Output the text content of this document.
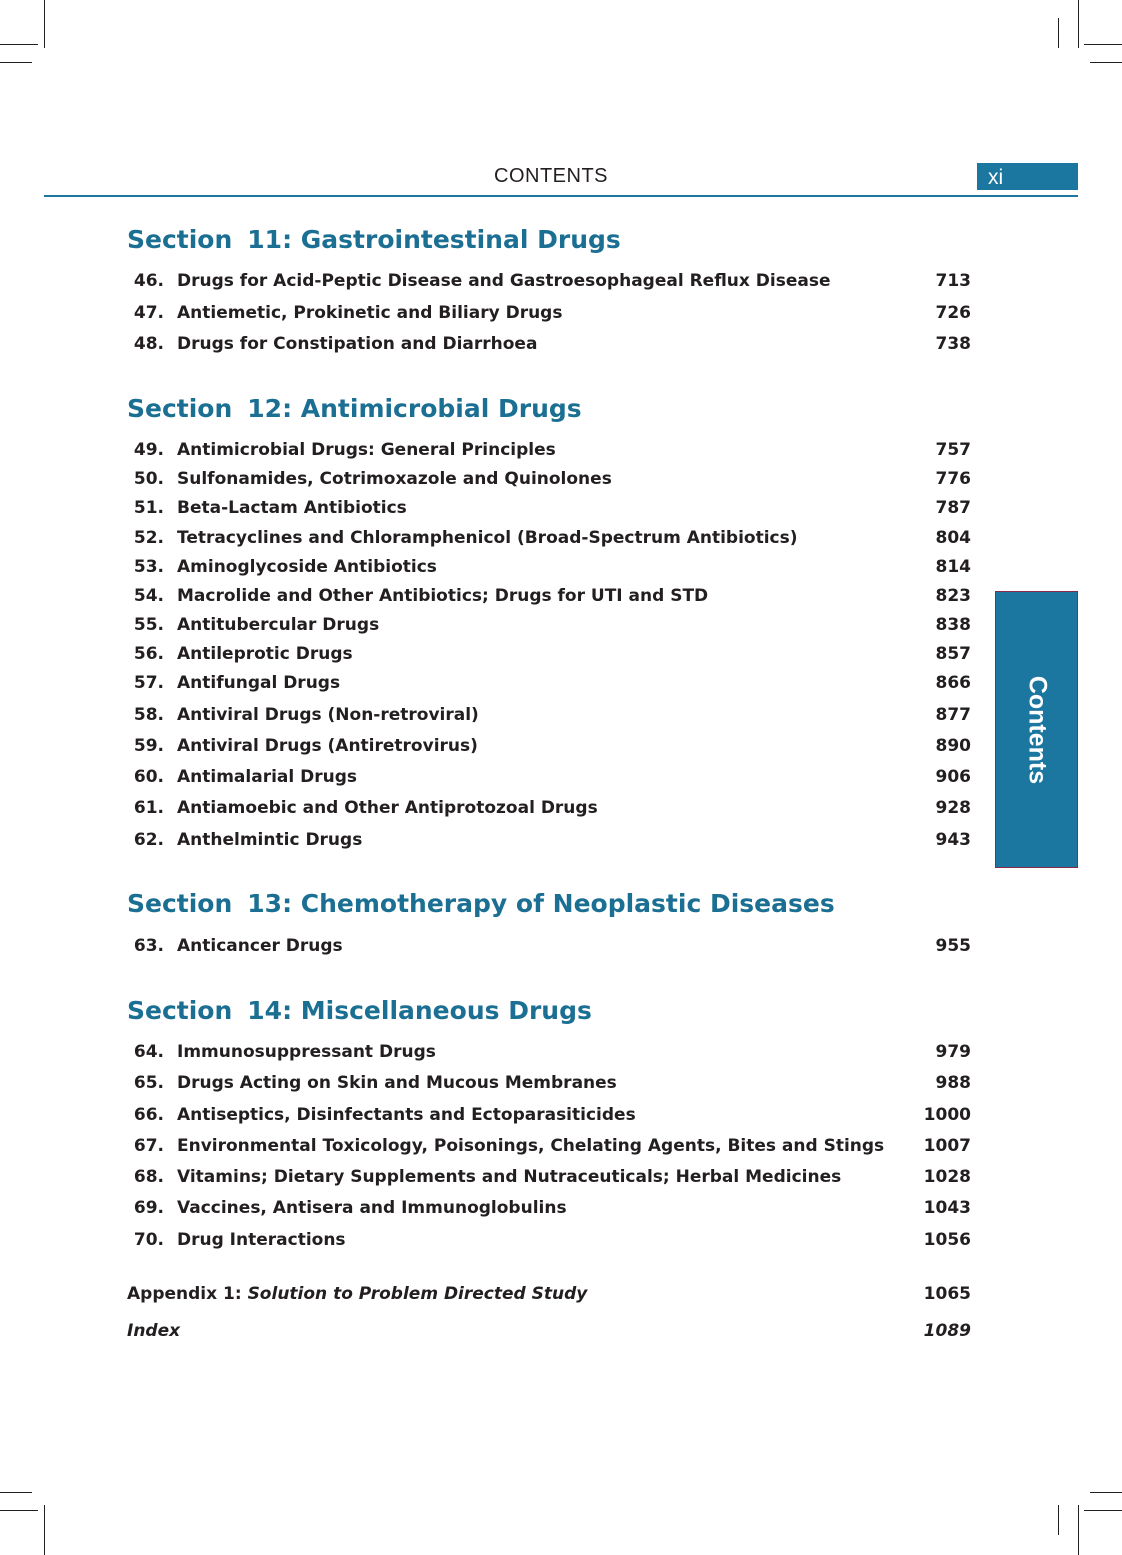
CONTENTS	xi
Contents
Section 11: Gastrointestinal Drugs
46. Drugs for Acid-Peptic Disease and Gastroesophageal Reflux Disease	713
47. Antiemetic, Prokinetic and Biliary Drugs	726
48. Drugs for Constipation and Diarrhoea	738
Section 12: Antimicrobial Drugs
49. Antimicrobial Drugs: General Principles	757
50. Sulfonamides, Cotrimoxazole and Quinolones	776
51. Beta-Lactam Antibiotics	787
52. Tetracyclines and Chloramphenicol (Broad-Spectrum Antibiotics)	804
53. Aminoglycoside Antibiotics	814
54. Macrolide and Other Antibiotics; Drugs for UTI and STD	823
55. Antitubercular Drugs	838
56. Antileprotic Drugs	857
57. Antifungal Drugs	866
58. Antiviral Drugs (Non-retroviral)	877
59. Antiviral Drugs (Antiretrovirus)	890
60. Antimalarial Drugs	906
61. Antiamoebic and Other Antiprotozoal Drugs	928
62. Anthelmintic Drugs	943
Section 13: Chemotherapy of Neoplastic Diseases
63. Anticancer Drugs	955
Section 14: Miscellaneous Drugs
64. Immunosuppressant Drugs	979
65. Drugs Acting on Skin and Mucous Membranes	988
66. Antiseptics, Disinfectants and Ectoparasiticides	1000
67. Environmental Toxicology, Poisonings, Chelating Agents, Bites and Stings 1007
68. Vitamins; Dietary Supplements and Nutraceuticals; Herbal Medicines	1028
69. Vaccines, Antisera and Immunoglobulins	1043
70. Drug Interactions	1056
Appendix 1: Solution to Problem Directed Study	1065
Index	1089
